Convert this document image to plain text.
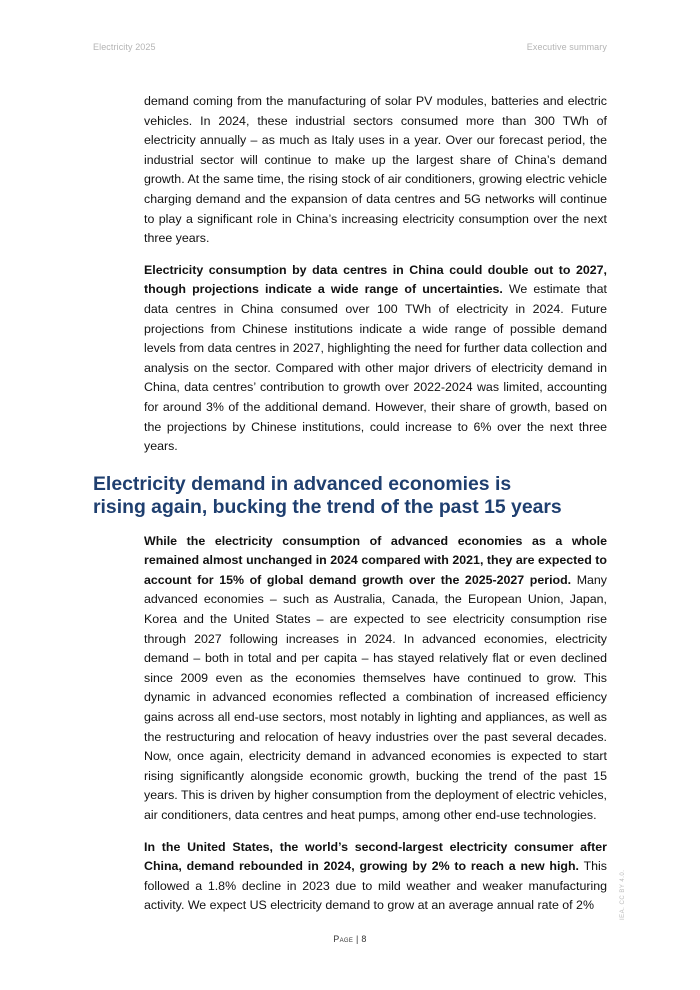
Electricity 2025	Executive summary

demand coming from the manufacturing of solar PV modules, batteries and electric vehicles. In 2024, these industrial sectors consumed more than 300 TWh of electricity annually – as much as Italy uses in a year. Over our forecast period, the industrial sector will continue to make up the largest share of China’s demand growth. At the same time, the rising stock of air conditioners, growing electric vehicle charging demand and the expansion of data centres and 5G networks will continue to play a significant role in China’s increasing electricity consumption over the next three years.

Electricity consumption by data centres in China could double out to 2027, though projections indicate a wide range of uncertainties. We estimate that data centres in China consumed over 100 TWh of electricity in 2024. Future projections from Chinese institutions indicate a wide range of possible demand levels from data centres in 2027, highlighting the need for further data collection and analysis on the sector. Compared with other major drivers of electricity demand in China, data centres’ contribution to growth over 2022-2024 was limited, accounting for around 3% of the additional demand. However, their share of growth, based on the projections by Chinese institutions, could increase to 6% over the next three years.

Electricity demand in advanced economies is rising again, bucking the trend of the past 15 years

While the electricity consumption of advanced economies as a whole remained almost unchanged in 2024 compared with 2021, they are expected to account for 15% of global demand growth over the 2025-2027 period. Many advanced economies – such as Australia, Canada, the European Union, Japan, Korea and the United States – are expected to see electricity consumption rise through 2027 following increases in 2024. In advanced economies, electricity demand – both in total and per capita – has stayed relatively flat or even declined since 2009 even as the economies themselves have continued to grow. This dynamic in advanced economies reflected a combination of increased efficiency gains across all end-use sectors, most notably in lighting and appliances, as well as the restructuring and relocation of heavy industries over the past several decades. Now, once again, electricity demand in advanced economies is expected to start rising significantly alongside economic growth, bucking the trend of the past 15 years. This is driven by higher consumption from the deployment of electric vehicles, air conditioners, data centres and heat pumps, among other end-use technologies.

In the United States, the world’s second-largest electricity consumer after China, demand rebounded in 2024, growing by 2% to reach a new high. This followed a 1.8% decline in 2023 due to mild weather and weaker manufacturing activity. We expect US electricity demand to grow at an average annual rate of 2%

Page | 8
IEA. CC BY 4.0.
